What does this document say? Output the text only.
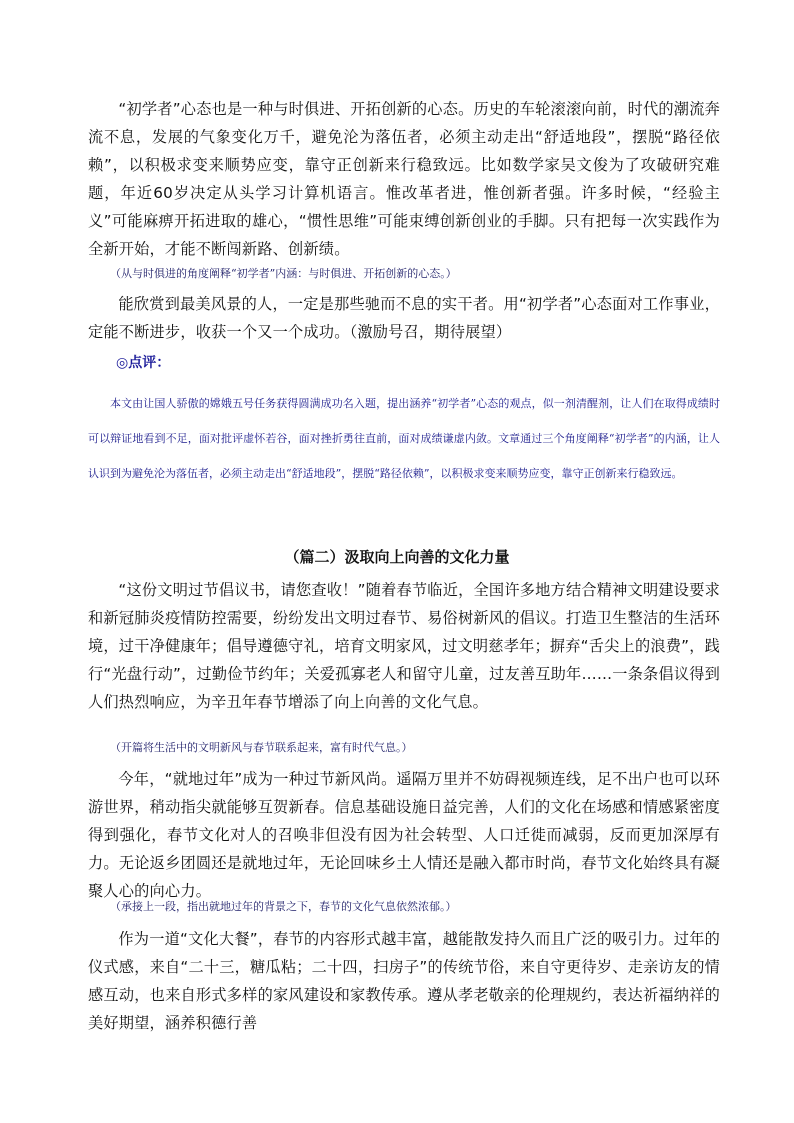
“初学者”心态也是一种与时俱进、开拓创新的心态。历史的车轮滚滚向前，时代的潮流奔流不息，发展的气象变化万千，避免沦为落伍者，必须主动走出“舒适地段”，摆脱“路径依赖”，以积极求变来顺势应变，靠守正创新来行稳致远。比如数学家吴文俊为了攻破研究难题，年近60岁决定从头学习计算机语言。惟改革者进，惟创新者强。许多时候，“经验主义”可能麻痹开拓进取的雄心，“惯性思维”可能束缚创新创业的手脚。只有把每一次实践作为全新开始，才能不断闯新路、创新绩。

（从与时俱进的角度阐释“初学者”内涵：与时俱进、开拓创新的心态。）

能欣赏到最美风景的人，一定是那些驰而不息的实干者。用“初学者”心态面对工作事业，定能不断进步，收获一个又一个成功。（激励号召，期待展望）

◎点评：

本文由让国人骄傲的嫦娥五号任务获得圆满成功名入题，提出涵养“初学者”心态的观点，似一剂清醒剂，让人们在取得成绩时可以辩证地看到不足，面对批评虚怀若谷，面对挫折勇往直前，面对成绩谦虚内敛。文章通过三个角度阐释“初学者”的内涵，让人认识到为避免沦为落伍者，必须主动走出“舒适地段”，摆脱“路径依赖”，以积极求变来顺势应变，靠守正创新来行稳致远。

（篇二）汲取向上向善的文化力量

“这份文明过节倡议书，请您查收！”随着春节临近，全国许多地方结合精神文明建设要求和新冠肺炎疫情防控需要，纷纷发出文明过春节、易俗树新风的倡议。打造卫生整洁的生活环境，过干净健康年；倡导遵德守礼，培育文明家风，过文明慈孝年；摒弃“舌尖上的浪费”，践行“光盘行动”，过勤俭节约年；关爱孤寡老人和留守儿童，过友善互助年……一条条倡议得到人们热烈响应，为辛丑年春节增添了向上向善的文化气息。

（开篇将生活中的文明新风与春节联系起来，富有时代气息。）

今年，“就地过年”成为一种过节新风尚。遥隔万里并不妨碍视频连线，足不出户也可以环游世界，稍动指尖就能够互贺新春。信息基础设施日益完善，人们的文化在场感和情感紧密度得到强化，春节文化对人的召唤非但没有因为社会转型、人口迁徙而减弱，反而更加深厚有力。无论返乡团圆还是就地过年，无论回味乡土人情还是融入都市时尚，春节文化始终具有凝聚人心的向心力。

（承接上一段，指出就地过年的背景之下，春节的文化气息依然浓郁。）

作为一道“文化大餐”，春节的内容形式越丰富，越能散发持久而且广泛的吸引力。过年的仪式感，来自“二十三，糖瓜粘；二十四，扫房子”的传统节俗，来自守更待岁、走亲访友的情感互动，也来自形式多样的家风建设和家教传承。遵从孝老敬亲的伦理规约，表达祈福纳祥的美好期望，涵养积德行善
